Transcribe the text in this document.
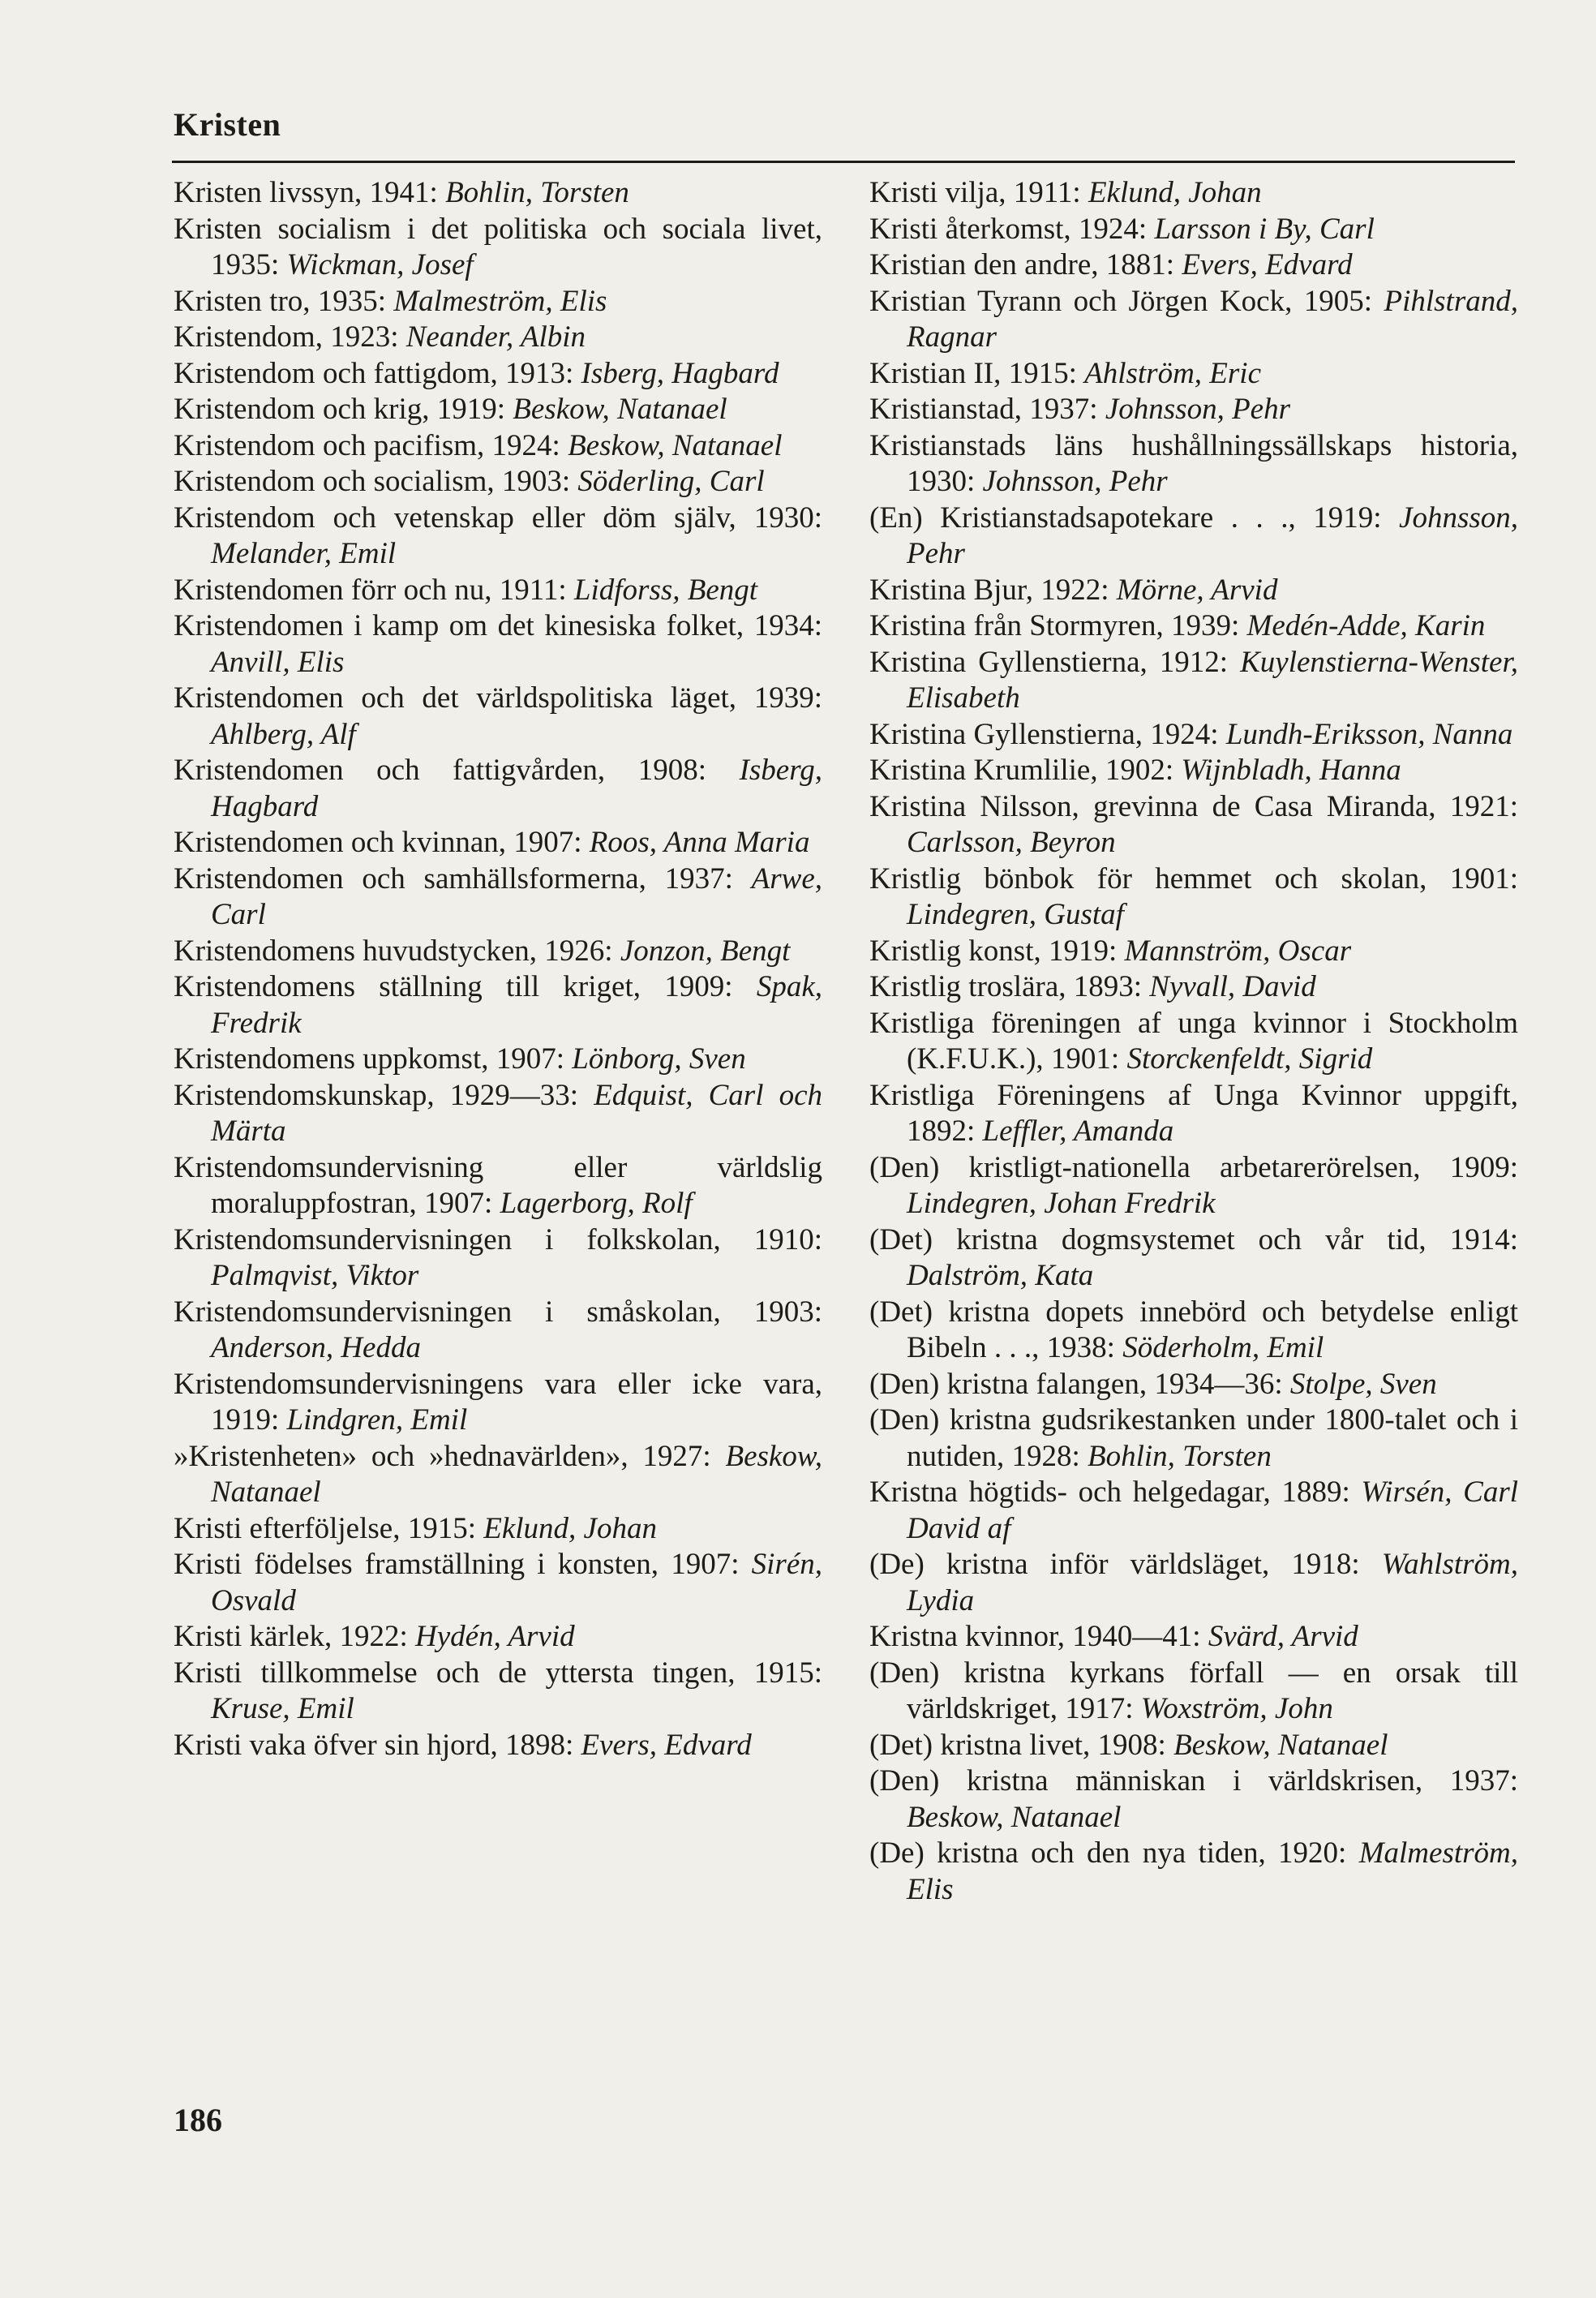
Kristen
Kristen livssyn, 1941: Bohlin, Torsten
Kristen socialism i det politiska och sociala livet, 1935: Wickman, Josef
Kristen tro, 1935: Malmeström, Elis
Kristendom, 1923: Neander, Albin
Kristendom och fattigdom, 1913: Isberg, Hagbard
Kristendom och krig, 1919: Beskow, Natanael
Kristendom och pacifism, 1924: Beskow, Natanael
Kristendom och socialism, 1903: Söderling, Carl
Kristendom och vetenskap eller döm själv, 1930: Melander, Emil
Kristendomen förr och nu, 1911: Lidforss, Bengt
Kristendomen i kamp om det kinesiska folket, 1934: Anvill, Elis
Kristendomen och det världspolitiska läget, 1939: Ahlberg, Alf
Kristendomen och fattigvården, 1908: Isberg, Hagbard
Kristendomen och kvinnan, 1907: Roos, Anna Maria
Kristendomen och samhällsformerna, 1937: Arwe, Carl
Kristendomens huvudstycken, 1926: Jonzon, Bengt
Kristendomens ställning till kriget, 1909: Spak, Fredrik
Kristendomens uppkomst, 1907: Lönborg, Sven
Kristendomskunskap, 1929—33: Edquist, Carl och Märta
Kristendomsundervisning eller världslig moraluppfostran, 1907: Lagerborg, Rolf
Kristendomsundervisningen i folkskolan, 1910: Palmqvist, Viktor
Kristendomsundervisningen i småskolan, 1903: Anderson, Hedda
Kristendomsundervisningens vara eller icke vara, 1919: Lindgren, Emil
»Kristenheten» och »hednavärlden», 1927: Beskow, Natanael
Kristi efterföljelse, 1915: Eklund, Johan
Kristi födelses framställning i konsten, 1907: Sirén, Osvald
Kristi kärlek, 1922: Hydén, Arvid
Kristi tillkommelse och de yttersta tingen, 1915: Kruse, Emil
Kristi vaka öfver sin hjord, 1898: Evers, Edvard
Kristi vilja, 1911: Eklund, Johan
Kristi återkomst, 1924: Larsson i By, Carl
Kristian den andre, 1881: Evers, Edvard
Kristian Tyrann och Jörgen Kock, 1905: Pihlstrand, Ragnar
Kristian II, 1915: Ahlström, Eric
Kristianstad, 1937: Johnsson, Pehr
Kristianstads läns hushållningssällskaps historia, 1930: Johnsson, Pehr
(En) Kristianstadsapotekare . . ., 1919: Johnsson, Pehr
Kristina Bjur, 1922: Mörne, Arvid
Kristina från Stormyren, 1939: Medén-Adde, Karin
Kristina Gyllenstierna, 1912: Kuylenstierna-Wenster, Elisabeth
Kristina Gyllenstierna, 1924: Lundh-Eriksson, Nanna
Kristina Krumlilie, 1902: Wijnbladh, Hanna
Kristina Nilsson, grevinna de Casa Miranda, 1921: Carlsson, Beyron
Kristlig bönbok för hemmet och skolan, 1901: Lindegren, Gustaf
Kristlig konst, 1919: Mannström, Oscar
Kristlig troslära, 1893: Nyvall, David
Kristliga föreningen af unga kvinnor i Stockholm (K.F.U.K.), 1901: Storckenfeldt, Sigrid
Kristliga Föreningens af Unga Kvinnor uppgift, 1892: Leffler, Amanda
(Den) kristligt-nationella arbetarerörelsen, 1909: Lindegren, Johan Fredrik
(Det) kristna dogmsystemet och vår tid, 1914: Dalström, Kata
(Det) kristna dopets innebörd och betydelse enligt Bibeln . . ., 1938: Söderholm, Emil
(Den) kristna falangen, 1934—36: Stolpe, Sven
(Den) kristna gudsrikestanken under 1800-talet och i nutiden, 1928: Bohlin, Torsten
Kristna högtids- och helgedagar, 1889: Wirsén, Carl David af
(De) kristna inför världsläget, 1918: Wahlström, Lydia
Kristna kvinnor, 1940—41: Svärd, Arvid
(Den) kristna kyrkans förfall — en orsak till världskriget, 1917: Woxström, John
(Det) kristna livet, 1908: Beskow, Natanael
(Den) kristna människan i världskrisen, 1937: Beskow, Natanael
(De) kristna och den nya tiden, 1920: Malmeström, Elis
186
